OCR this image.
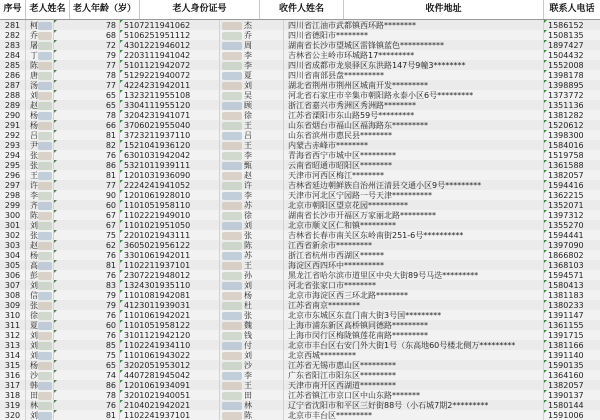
序号 老人姓名 老人年龄（岁）	老人身份证号	收件人姓名	收件地址	联系人电话
281	柯	78	5107211941062	杰	四川省江油市武都镇西环路********	1586152
282	乔	68	5106251951112	乔	四川省德阳市********	1508135
283	屠	72	4301221946012	周	湖南省长沙市望城区雷锋镇蓝色***********	1897427
284	丁	79	2203111941042	李	吉林省公主岭市环城路17*********	1504432
285	陈	77	5101121942072	李	四川省成都市龙泉驿区东洪路147号9幢3********	1552008
286	唐	78	5129221940072	夏	四川省南部县盘**********	1398178
287	汤	77	4224231942011	刘	湖北省荆州市荆州区城南开发*********	1398895
288	刘	65	1323211955108	吴	河北省石家庄市辛集市朝阳路永泰小区6号*********	1373772
289	赵	65	3304111955120	顾	浙江省嘉兴市秀洲区秀洲路********	1351136
290	杨	78	3204231941071	徐	江苏省溧阳市东山路59号*********	1381282
291	杨	66	3706021955040	王	山东省烟台市福山区福海路东*********	1520612
292	吕	81	3723211937110	吕	山东省滨州市惠民县********	1398300
293	尹	82	1521041936120	王	内蒙古赤峰市********	1584016
294	张	76	6301031942042	李	青海省西宁市城中区*********	1519758
295	张	86	5321011939111	甄	云南省昭通市昭阳区********	1361588
296	王	81	1201031936090	赵	天津市河西区梅江********	1382057
297	许	77	2224241941052	许	吉林省延边朝鲜族自治州汪清县交通小区9号*********	1594416
298	李	90	1201061928010	李	天津市河北区宁园路一号天津**********	1362215
299	齐	60	1101051958110	苏	北京市朝阳区望京花园**********	1352071
300	陈	67	1102221949010	徐	湖南省长沙市开福区万家丽北路*********	1397312
301	刘	67	1101021951050	刘	北京市顺义区仁和镇*********	1355270
302	张	75	2201021943111	张	吉林省长春市南关区东岭南街251-6号**********	1594441
303	赵	62	3605021956122	陈	江西省新余市*********	1397090
304	杨	76	3301061942011	苏	浙江省杭州市西湖区******	1866802
305	高	81	1102211937101	王	海淀区西四环中**********	1368103
306	彭	76	2307221948012	孙	黑龙江省哈尔滨市道里区中央大街89号马迭*********	1594571
307	刘	83	1324301935110	刘	河北省张家口市********	1580413
308	信	79	1101081942081	杨	北京市海淀区西三环北路********	1381183
309	张	79	4123011939031	杜	江苏省南京********	1380233
310	徐	76	1101061942021	张	北京市东城区东直门南大街3号国*********	1391147
311	夏	60	1101051958122	魏	上海市浦东新区高桥镇同德路*********	1361155
312	刘	76	3101121942120	钱	上海市闵行区梅陇镇莲花南路*********	1391715
313	刘	85	1102241934110	付	北京市丰台区右安门外大街1号（东高地60号楼北侧万*********	1381166
314	刘	75	1101061943022	刘	北京西城*********	1391140
315	杨	65	3202051953012	沙	江苏省无锡市惠山区*********	1590135
316	沙	74	4407281945042	李	广东省阳江市阳东区*********	1364160
317	韩	86	1201061934091	王	天津市南开区西湖道*********	1382057
318	田	78	3201021940051	田	江苏省镇江市京口区中山东路*******	1390137
319	林	76	2104021942021	林	辽宁省沈阳市和平区三好街88号（小石城7期2*********	1580144
320	刘	81	1102241937101	陈	北京市丰台区*********	1591006
